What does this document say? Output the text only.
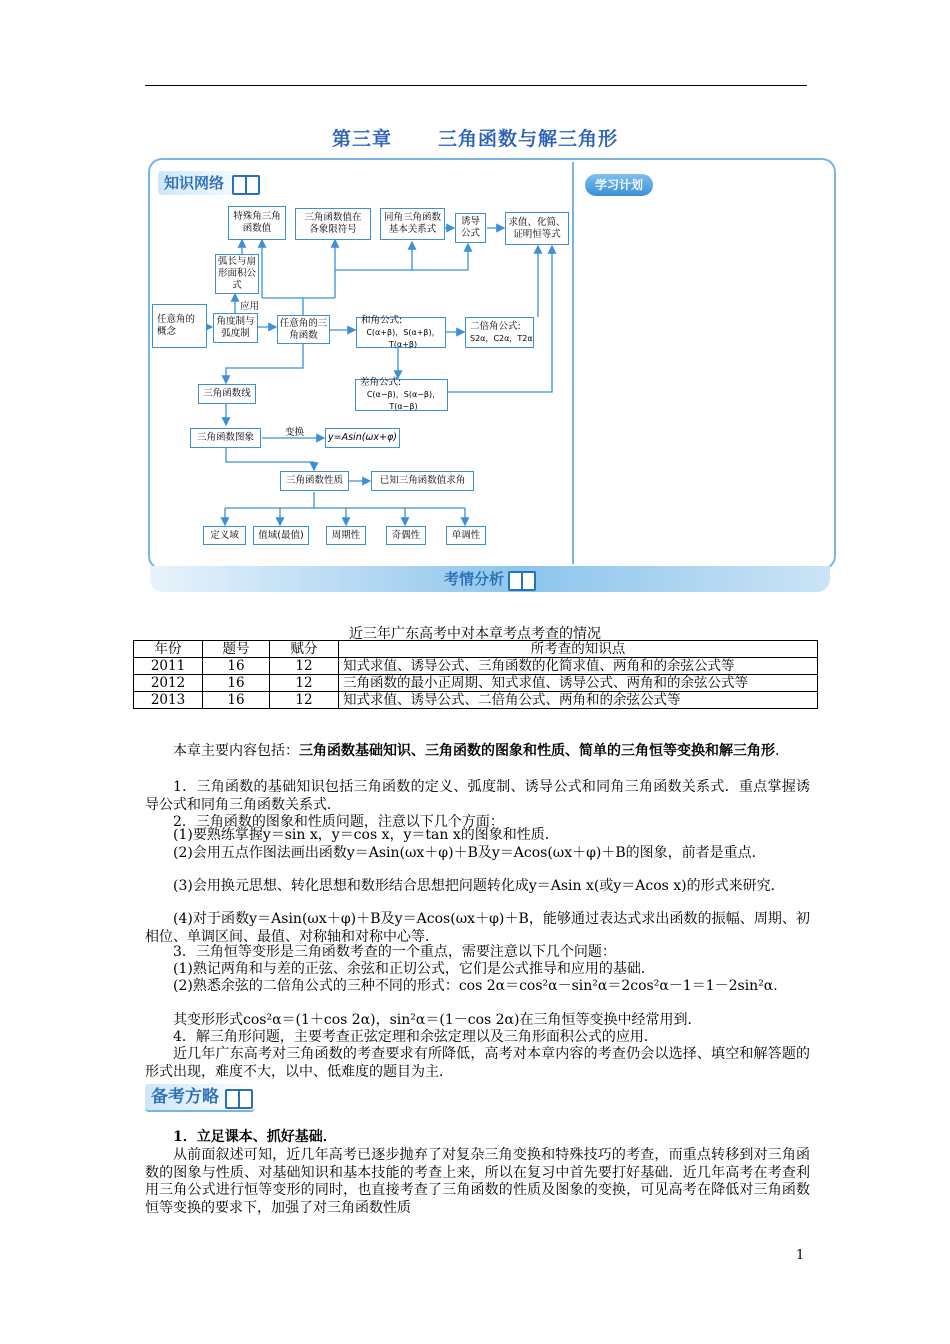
第三章 三角函数与解三角形
知识网络	学习计划
特殊角三角函数值
三角函数值在各象限符号
同角三角函数基本关系式
诱导公式
求值、化简、证明恒等式
弧长与扇形面积公式
应用
任意角的概念
角度制与弧度制
任意角的三角函数
和角公式:
C(α+β)，S(α+β)，T(α+β)
二倍角公式:
S2α，C2α，T2α
三角函数线
差角公式:
C(α−β)，S(α−β)，T(α−β)
变换
三角函数图象	y=Asin(ωx+φ)
三角函数性质	已知三角函数值求角
定义域 值域(最值)	周期性	奇偶性	单调性
考情分析
近三年广东高考中对本章考点考查的情况
年份	题号	赋分	所考查的知识点
2011	16	12	知式求值、诱导公式、三角函数的化简求值、两角和的余弦公式等
2012	16	12	三角函数的最小正周期、知式求值、诱导公式、两角和的余弦公式等
2013	16	12	知式求值、诱导公式、二倍角公式、两角和的余弦公式等
本章主要内容包括：三角函数基础知识、三角函数的图象和性质、简单的三角恒等变换和解三角形.
1．三角函数的基础知识包括三角函数的定义、弧度制、诱导公式和同角三角函数关系式．重点掌握诱导公式和同角三角函数关系式．
2．三角函数的图象和性质问题，注意以下几个方面：
(1)要熟练掌握y＝sin x，y＝cos x，y＝tan x的图象和性质．
(2)会用五点作图法画出函数y＝Asin(ωx＋φ)＋B及y＝Acos(ωx＋φ)＋B的图象，前者是重点．
(3)会用换元思想、转化思想和数形结合思想把问题转化成y＝Asin x(或y＝Acos x)的形式来研究．
(4)对于函数y＝Asin(ωx＋φ)＋B及y＝Acos(ωx＋φ)＋B，能够通过表达式求出函数的振幅、周期、初相位、单调区间、最值、对称轴和对称中心等．
3．三角恒等变形是三角函数考查的一个重点，需要注意以下几个问题：
(1)熟记两角和与差的正弦、余弦和正切公式，它们是公式推导和应用的基础．
(2)熟悉余弦的二倍角公式的三种不同的形式：cos 2α＝cos²α－sin²α＝2cos²α－1＝1－2sin²α．
其变形形式cos²α＝(1＋cos 2α)，sin²α＝(1－cos 2α)在三角恒等变换中经常用到．
4．解三角形问题，主要考查正弦定理和余弦定理以及三角形面积公式的应用．
近几年广东高考对三角函数的考查要求有所降低，高考对本章内容的考查仍会以选择、填空和解答题的形式出现，难度不大，以中、低难度的题目为主．
备考方略
1．立足课本、抓好基础．
从前面叙述可知，近几年高考已逐步抛弃了对复杂三角变换和特殊技巧的考查，而重点转移到对三角函数的图象与性质、对基础知识和基本技能的考查上来，所以在复习中首先要打好基础．近几年高考在考查利用三角公式进行恒等变形的同时，也直接考查了三角函数的性质及图象的变换，可见高考在降低对三角函数恒等变换的要求下，加强了对三角函数性质
1
